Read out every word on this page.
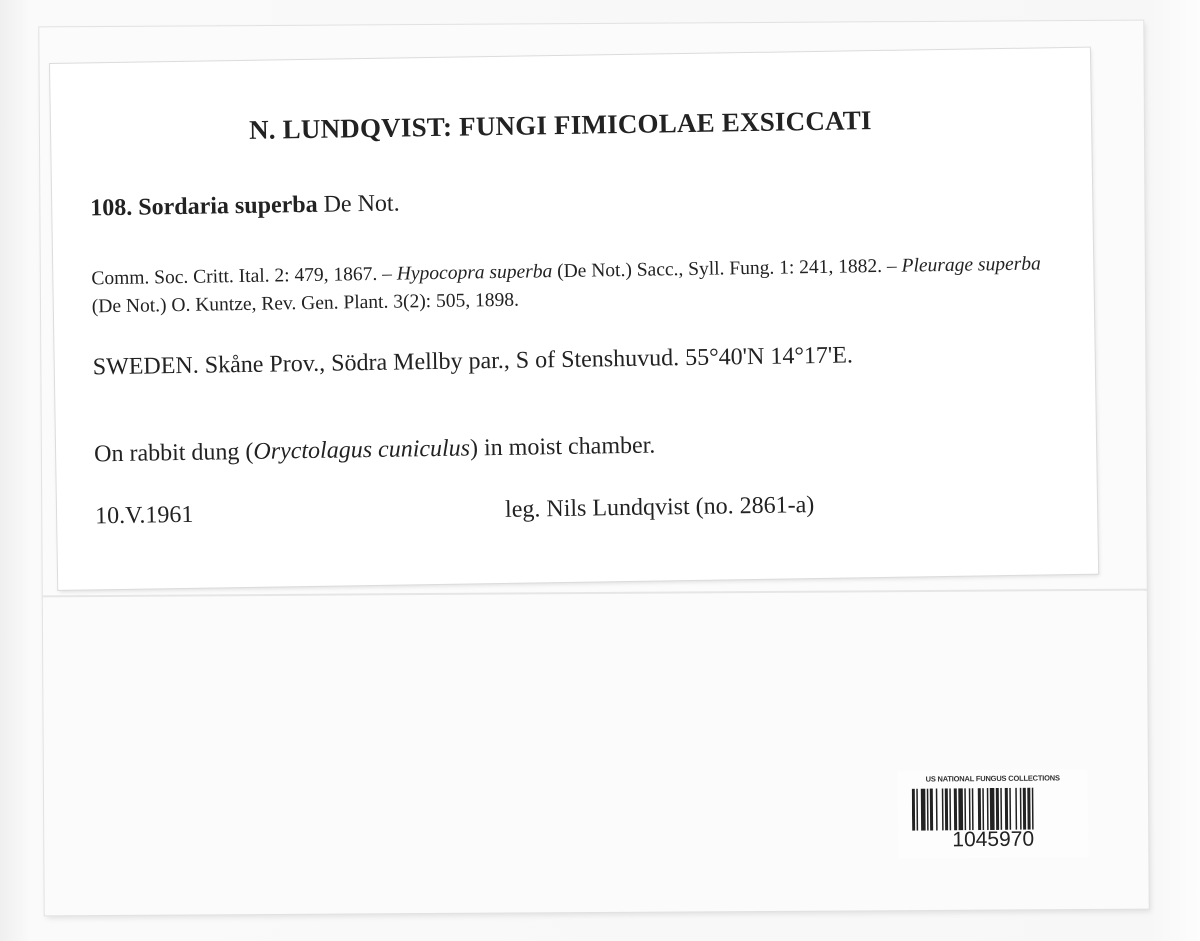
N. LUNDQVIST: FUNGI FIMICOLAE EXSICCATI
108. Sordaria superba De Not.
Comm. Soc. Critt. Ital. 2: 479, 1867. – Hypocopra superba (De Not.) Sacc., Syll. Fung. 1: 241, 1882. – Pleurage superba (De Not.) O. Kuntze, Rev. Gen. Plant. 3(2): 505, 1898.
SWEDEN. Skåne Prov., Södra Mellby par., S of Stenshuvud. 55°40'N 14°17'E.
On rabbit dung (Oryctolagus cuniculus) in moist chamber.
10.V.1961	leg. Nils Lundqvist (no. 2861-a)
US NATIONAL FUNGUS COLLECTIONS
1045970
